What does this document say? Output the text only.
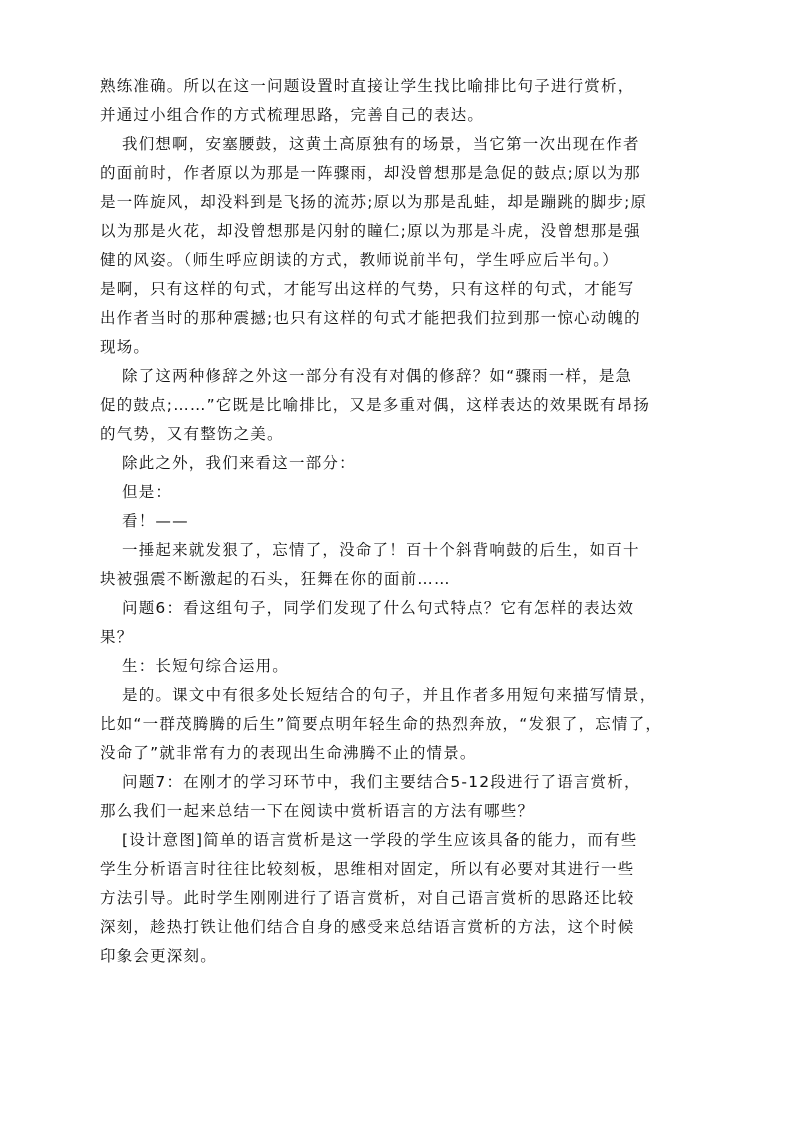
熟练准确。所以在这一问题设置时直接让学生找比喻排比句子进行赏析，
并通过小组合作的方式梳理思路，完善自己的表达。
我们想啊，安塞腰鼓，这黄土高原独有的场景，当它第一次出现在作者
的面前时，作者原以为那是一阵骤雨，却没曾想那是急促的鼓点;原以为那
是一阵旋风，却没料到是飞扬的流苏;原以为那是乱蛙，却是蹦跳的脚步;原
以为那是火花，却没曾想那是闪射的瞳仁;原以为那是斗虎，没曾想那是强
健的风姿。（师生呼应朗读的方式，教师说前半句，学生呼应后半句。）
是啊，只有这样的句式，才能写出这样的气势，只有这样的句式，才能写
出作者当时的那种震撼;也只有这样的句式才能把我们拉到那一惊心动魄的
现场。
除了这两种修辞之外这一部分有没有对偶的修辞？如“骤雨一样，是急
促的鼓点;……”它既是比喻排比，又是多重对偶，这样表达的效果既有昂扬
的气势，又有整饬之美。
除此之外，我们来看这一部分：
但是：
看！——
一捶起来就发狠了，忘情了，没命了！百十个斜背响鼓的后生，如百十
块被强震不断激起的石头，狂舞在你的面前……
问题6：看这组句子，同学们发现了什么句式特点？它有怎样的表达效
果？
生：长短句综合运用。
是的。课文中有很多处长短结合的句子，并且作者多用短句来描写情景，
比如“一群茂腾腾的后生”简要点明年轻生命的热烈奔放，“发狠了，忘情了，
没命了”就非常有力的表现出生命沸腾不止的情景。
问题7：在刚才的学习环节中，我们主要结合5-12段进行了语言赏析，
那么我们一起来总结一下在阅读中赏析语言的方法有哪些？
[设计意图]简单的语言赏析是这一学段的学生应该具备的能力，而有些
学生分析语言时往往比较刻板，思维相对固定，所以有必要对其进行一些
方法引导。此时学生刚刚进行了语言赏析，对自己语言赏析的思路还比较
深刻，趁热打铁让他们结合自身的感受来总结语言赏析的方法，这个时候
印象会更深刻。
